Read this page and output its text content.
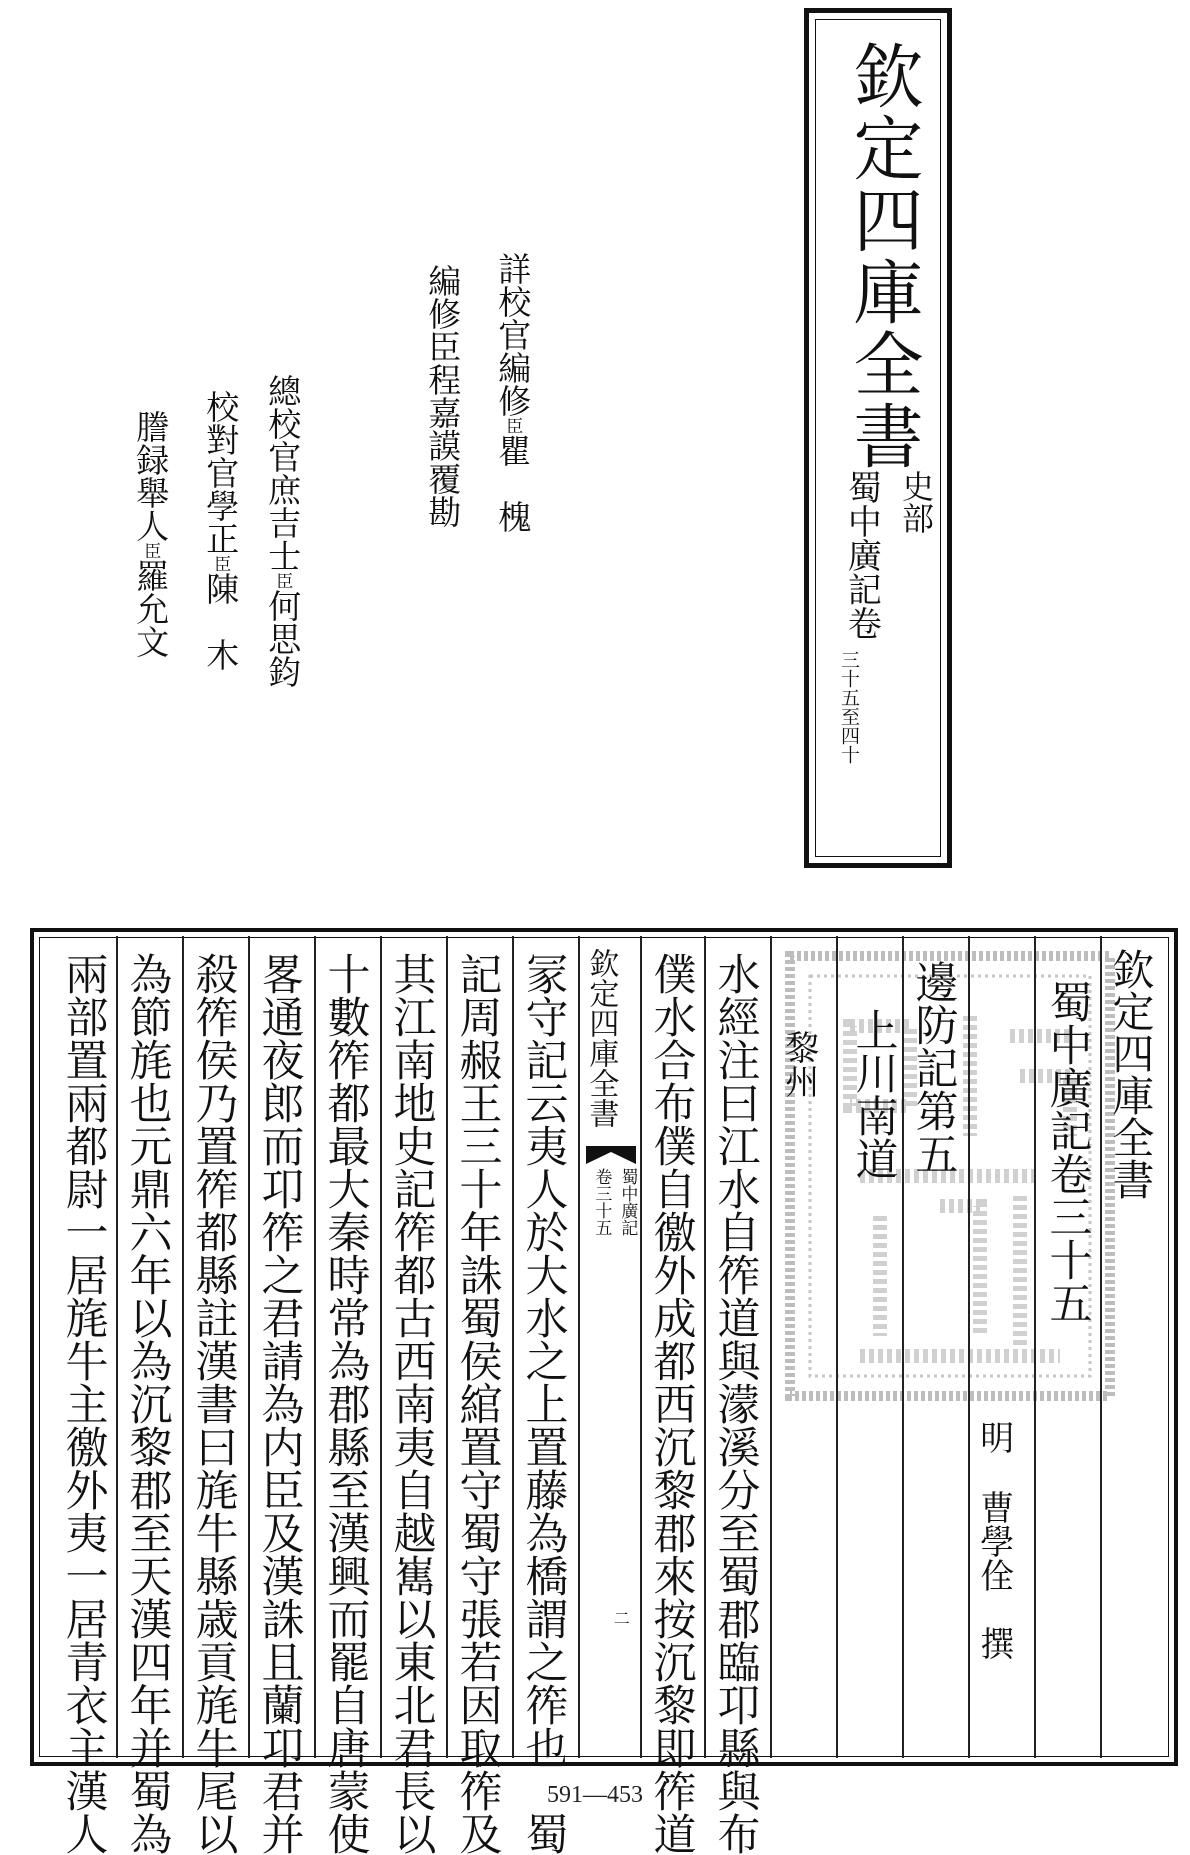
欽定四庫全書
史部
蜀中廣記卷
三十五至四十
詳校官編修臣瞿　槐
編修臣程嘉謨覆勘
總校官庶吉士臣何思鈞
校對官學正臣陳　木
謄録舉人臣羅允文
欽定四庫全書
蜀中廣記卷三十五
明
曹學佺　撰
邊防記第五
上川南道
黎州
水經注曰江水自筰道與濛溪分至蜀郡臨卭縣與布
僕水合布僕自徼外成都西沉黎郡來按沉黎即筰道
欽定四庫全書
蜀中廣記
卷三十五
二
冡守記云夷人於大水之上置藤為橋謂之筰也　蜀
記周赧王三十年誅蜀侯綰置守蜀守張若因取筰及
其江南地史記筰都古西南夷自越嶲以東北君長以
十數筰都最大秦時常為郡縣至漢興而罷自唐蒙使
畧通夜郎而卭筰之君請為内臣及漢誅且蘭卭君并
殺筰侯乃置筰都縣註漢書曰旄牛縣歳貢旄牛尾以
為節旄也元鼎六年以為沉黎郡至天漢四年并蜀為
兩部置兩都尉一居旄牛主徼外夷一居青衣主漢人	591—453
